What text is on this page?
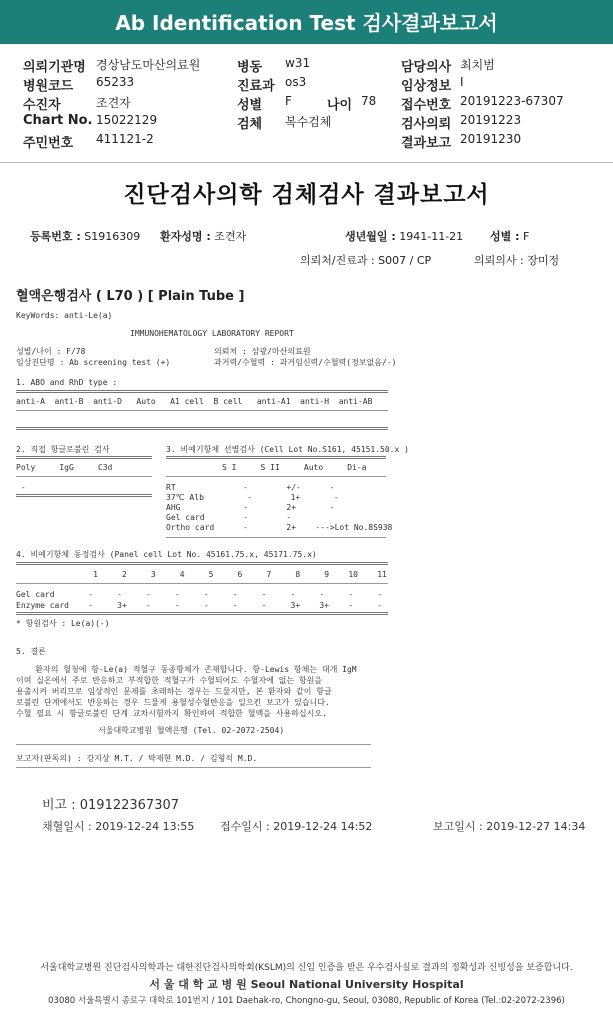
Ab Identification Test 검사결과보고서
의뢰기관명 경상남도마산의료원	병동 w31	담당의사 최치범
병원코드 65233	진료과 os3	임상정보 I
수진자	조견자	성별 F	나이 78 접수번호 20191223-67307
Chart No. 15022129	검체 복수검체	검사의뢰 20191223
주민번호 411121-2	결과보고 20191230
진단검사의학 검체검사 결과보고서
등록번호 : S1916309 환자성명 : 조견자	생년월일 : 1941-11-21 성별 : F
의뢰처/진료과 : S007 / CP	의뢰의사 : 장미정
혈액은행검사 ( L70 ) [ Plain Tube ]
KeyWords: anti-Le(a)
IMMUNOHEMATOLOGY LABORATORY REPORT
성별/나이 : F/78	의뢰처 : 삼광/마산의료원
임상진단명 : Ab screening test (+)	과거력/수혈력 : 과거임신력/수혈력(정보없음/-)
1. ABO and RhD type :
anti-A  anti-B  anti-D   Auto   A1 cell  B cell   anti-A1  anti-H  anti-AB
2. 직접 항글로불린 검사
Poly     IgG     C3d
-
3. 비예기항체 선별검사 (Cell Lot No.S161, 45151.50.x )
S I     S II     Auto     Di-a
RT              -        +/-      -
37℃ Alb         -        1+       -
AHG             -        2+       -
Gel card        -        -
Ortho card      -        2+    --->Lot No.8S938
4. 비예기항체 동정검사 (Panel cell Lot No. 45161.75.x, 45171.75.x)
1     2     3     4     5     6     7     8     9    10    11
Gel card       -     -     -     -     -     -     -     -     -     -     -
Enzyme card    -     3+    -     -     -     -     -     3+    3+    -     -
* 항원검사 : Le(a)(-)
5. 결론
환자의 혈청에 항-Le(a) 적혈구 동종항체가 존재합니다. 항-Lewis 항체는 대개 IgM
이며 실온에서 주로 반응하고 부적합한 적혈구가 수혈되어도 수혈자에 없는 항원을
용출시켜 버리므로 임상적인 문제를 초래하는 경우는 드물지만, 본 환자와 같이 항글
로불린 단계에서도 반응하는 경우 드물게 용혈성수혈반응을 일으킨 보고가 있습니다.
수혈 필요 시 항글로불린 단계 교차시험까지 확인하여 적합한 혈액을 사용하십시오.
서울대학교병원 혈액은행 (Tel. 02-2072-2504)
보고자(판독의) : 강지상 M.T. / 박재현 M.D. / 김형석 M.D.
비고 : 019122367307
채혈일시 : 2019-12-24 13:55 접수일시 : 2019-12-24 14:52	보고일시 : 2019-12-27 14:34
서울대학교병원 진단검사의학과는 대한진단검사의학회(KSLM)의 신임 인증을 받은 우수검사실로 결과의 정확성과 신빙성을 보증합니다.
서 울 대 학 교 병 원 Seoul National University Hospital
03080 서울특별시 종로구 대학로 101번지 / 101 Daehak-ro, Chongno-gu, Seoul, 03080, Republic of Korea (Tel.:02-2072-2396)
